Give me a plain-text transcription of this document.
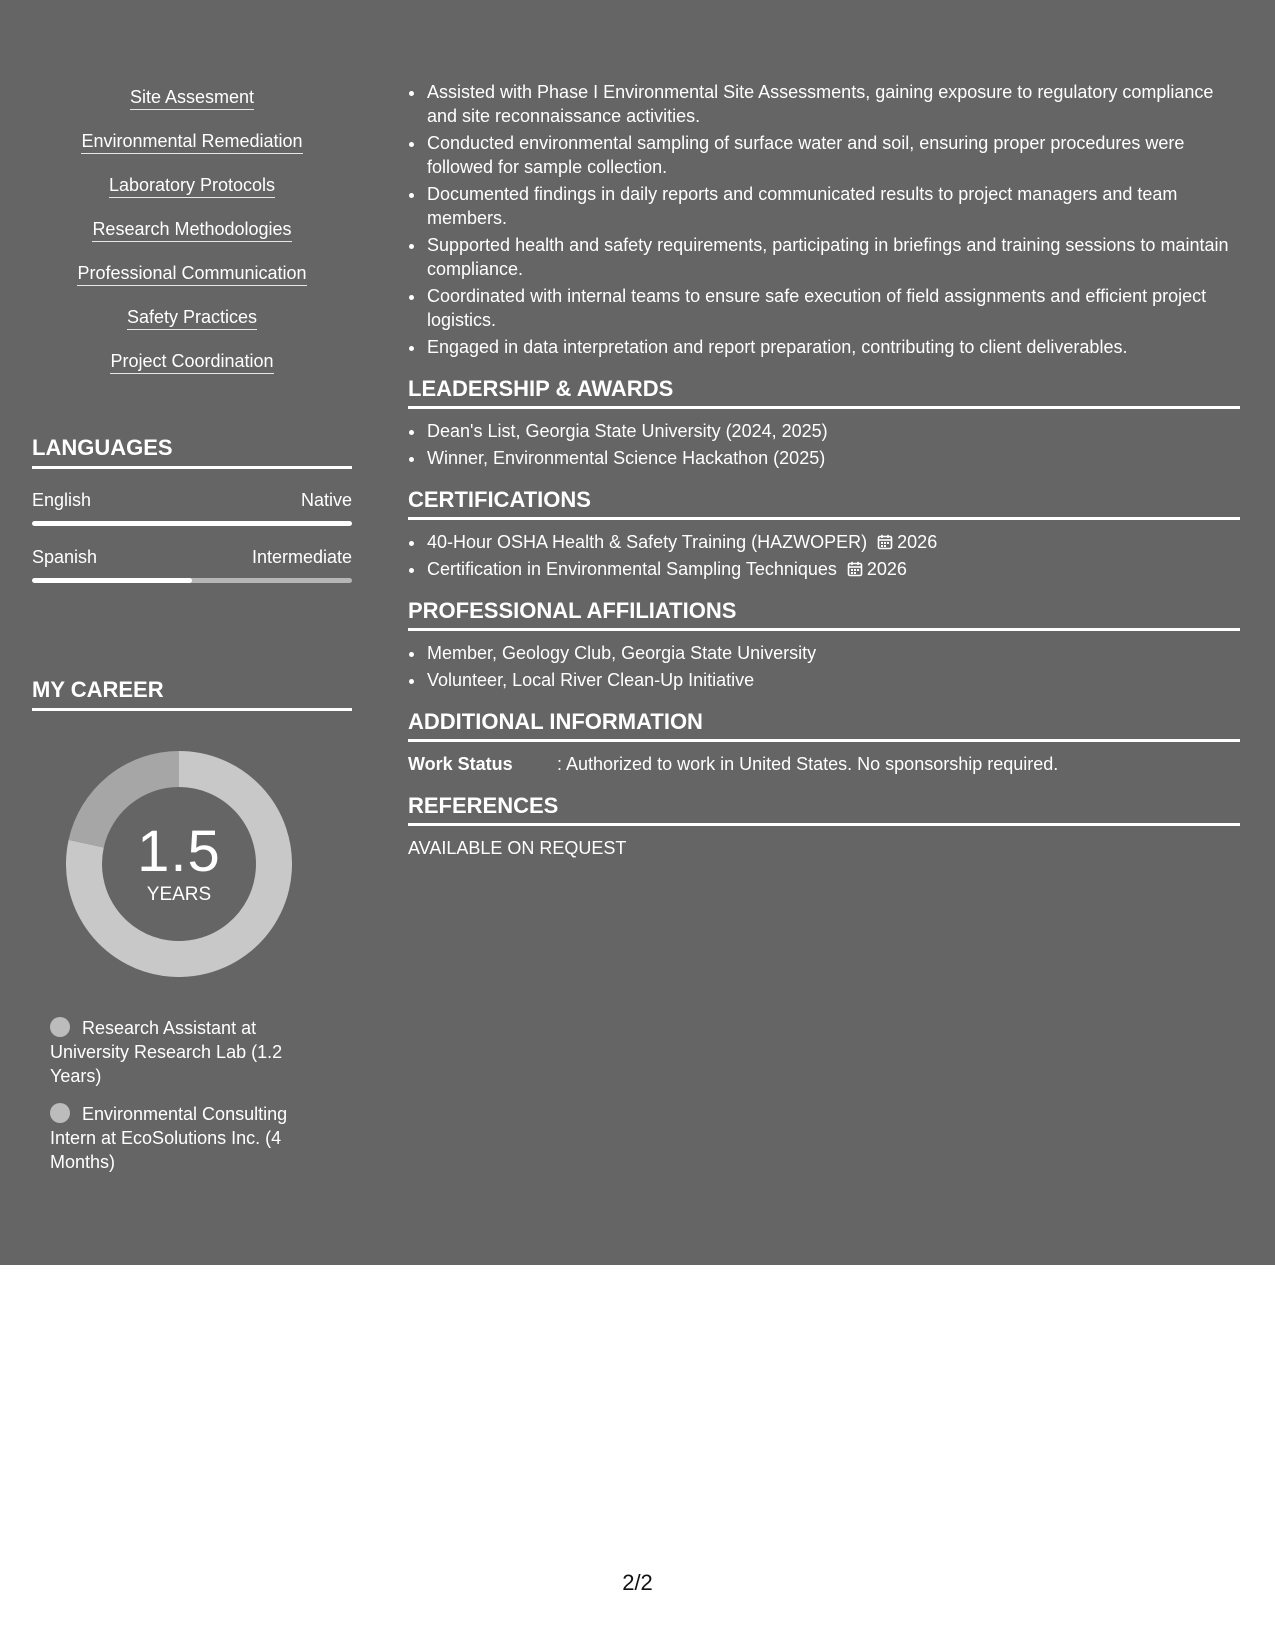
Site Assesment
Environmental Remediation
Laboratory Protocols
Research Methodologies
Professional Communication
Safety Practices
Project Coordination
LANGUAGES
English	Native
Spanish	Intermediate
MY CAREER
1.5
YEARS
Research Assistant at University Research Lab (1.2 Years)
Environmental Consulting Intern at EcoSolutions Inc. (4 Months)
• Assisted with Phase I Environmental Site Assessments, gaining exposure to regulatory compliance and site reconnaissance activities.
• Conducted environmental sampling of surface water and soil, ensuring proper procedures were followed for sample collection.
• Documented findings in daily reports and communicated results to project managers and team members.
• Supported health and safety requirements, participating in briefings and training sessions to maintain compliance.
• Coordinated with internal teams to ensure safe execution of field assignments and efficient project logistics.
• Engaged in data interpretation and report preparation, contributing to client deliverables.
LEADERSHIP & AWARDS
• Dean's List, Georgia State University (2024, 2025)
• Winner, Environmental Science Hackathon (2025)
CERTIFICATIONS
• 40-Hour OSHA Health & Safety Training (HAZWOPER) 2026
• Certification in Environmental Sampling Techniques 2026
PROFESSIONAL AFFILIATIONS
• Member, Geology Club, Georgia State University
• Volunteer, Local River Clean-Up Initiative
ADDITIONAL INFORMATION
Work Status	: Authorized to work in United States. No sponsorship required.
REFERENCES
AVAILABLE ON REQUEST
2/2
